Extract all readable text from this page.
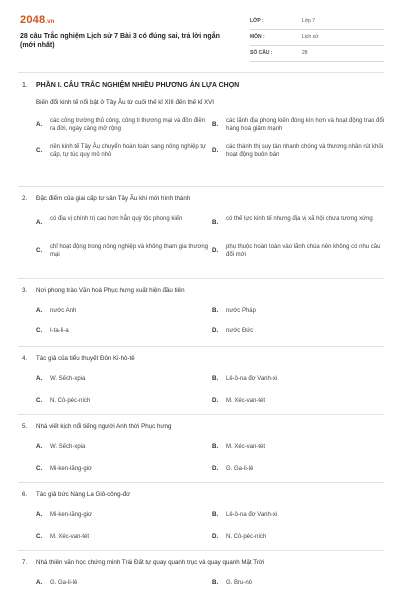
2048.vn
28 câu Trắc nghiệm Lịch sử 7 Bài 3 có đúng sai, trả lời ngắn (mới nhất)
LỚP :	Lớp 7
MÔN :	Lịch sử
SỐ CÂU :	28
1. PHẦN I. CÂU TRẮC NGHIỆM NHIỀU PHƯƠNG ÁN LỰA CHỌN
Biến đổi kinh tế nổi bật ở Tây Âu từ cuối thế kỉ XIII đến thế kỉ XVI
A. các công trường thủ công, công ti thương mại và đồn điền ra đời, ngày càng mở rộng
B. các lãnh địa phong kiến đóng kín hơn và hoạt động trao đổi hàng hoá giảm mạnh
C. nền kinh tế Tây Âu chuyển hoàn toàn sang nông nghiệp tự cấp, tự túc quy mô nhỏ
D. các thành thị suy tàn nhanh chóng và thương nhân rút khỏi hoạt động buôn bán
2. Đặc điểm của giai cấp tư sản Tây Âu khi mới hình thành
A. có địa vị chính trị cao hơn hẳn quý tộc phong kiến	B. có thế lực kinh tế nhưng địa vị xã hội chưa tương xứng
C. chỉ hoạt động trong nông nghiệp và không tham gia thương mại
D. phụ thuộc hoàn toàn vào lãnh chúa nên không có nhu cầu đổi mới
3. Nơi phong trào Văn hoá Phục hưng xuất hiện đầu tiên
A. nước Anh	B. nước Pháp
C. I-ta-li-a	D. nước Đức
4. Tác giả của tiểu thuyết Đôn Ki-hô-tê
A. W. Sếch-xpia	B. Lê-ô-na đơ Vanh-xi
C. N. Cô-péc-ních	D. M. Xéc-van-tét
5. Nhà viết kịch nổi tiếng người Anh thời Phục hưng
A. W. Sếch-xpia	B. M. Xéc-van-tét
C. Mi-ken-lăng-giơ	D. G. Ga-li-lê
6. Tác giả bức Nàng La Giô-công-đơ
A. Mi-ken-lăng-giơ	B. Lê-ô-na đơ Vanh-xi
C. M. Xéc-van-tét	D. N. Cô-péc-ních
7. Nhà thiên văn học chứng minh Trái Đất tự quay quanh trục và quay quanh Mặt Trời
A. G. Ga-li-lê	B. G. Bru-nô
